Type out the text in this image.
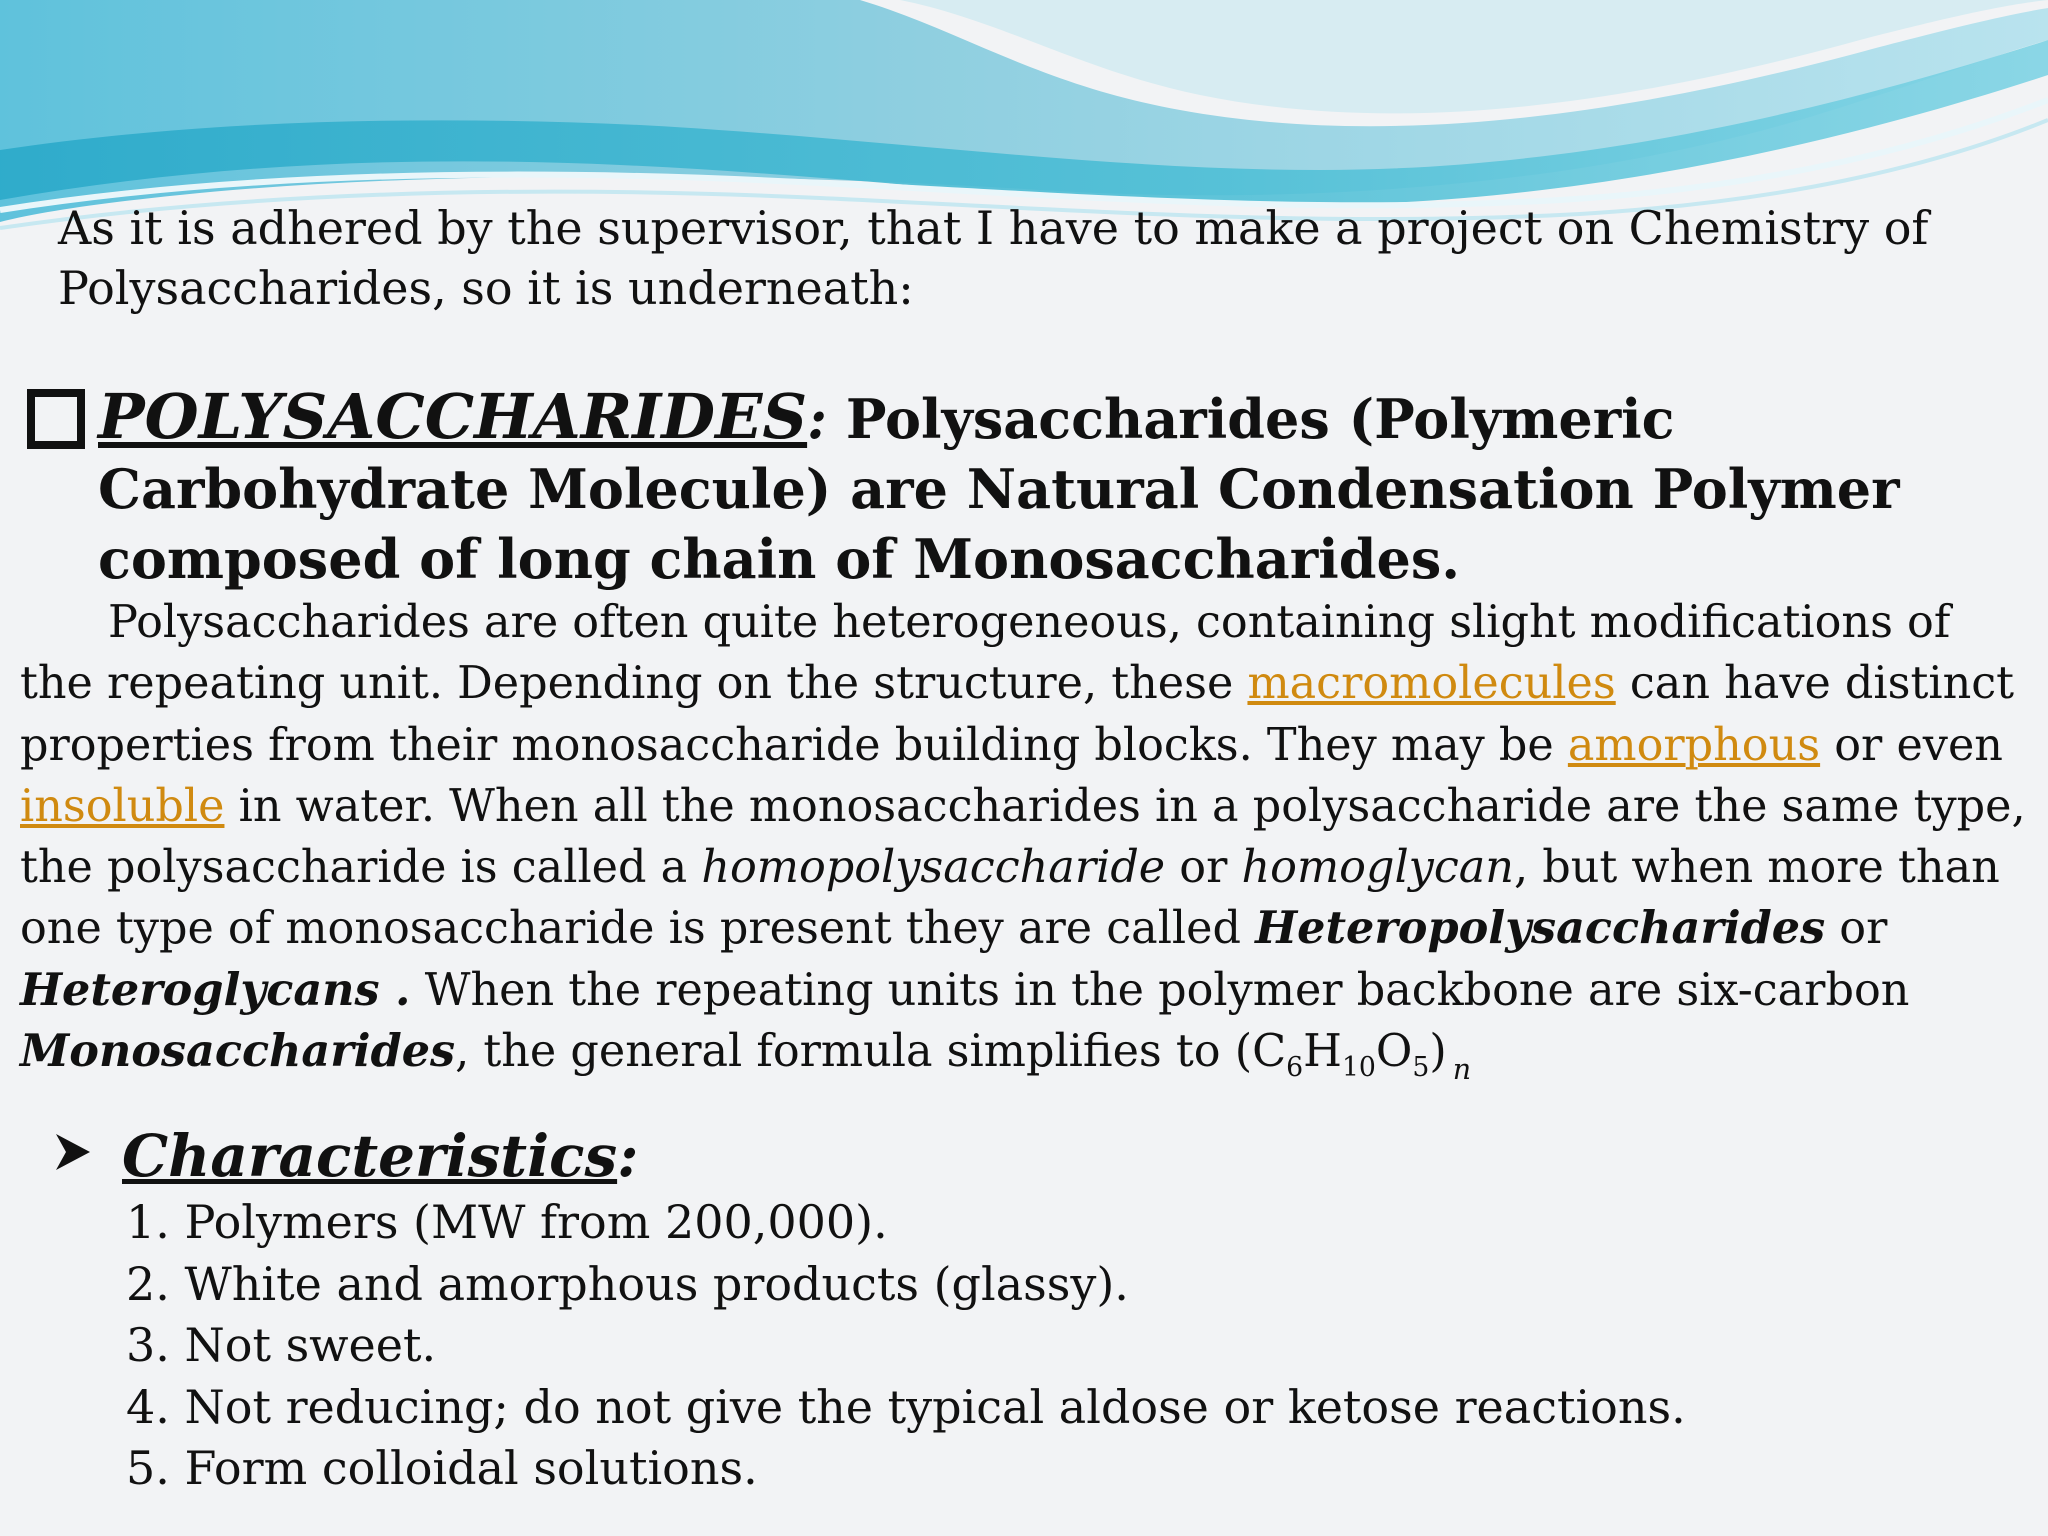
As it is adhered by the supervisor, that I have to make a project on Chemistry of Polysaccharides, so it is underneath:

POLYSACCHARIDES: Polysaccharides (Polymeric Carbohydrate Molecule) are Natural Condensation Polymer composed of long chain of Monosaccharides.

Polysaccharides are often quite heterogeneous, containing slight modifications of the repeating unit. Depending on the structure, these macromolecules can have distinct properties from their monosaccharide building blocks. They may be amorphous or even insoluble in water. When all the monosaccharides in a polysaccharide are the same type, the polysaccharide is called a homopolysaccharide or homoglycan, but when more than one type of monosaccharide is present they are called Heteropolysaccharides or Heteroglycans . When the repeating units in the polymer backbone are six-carbon Monosaccharides, the general formula simplifies to $(C_6H_{10}O_5)$ $_n$

Characteristics:

1. Polymers (MW from 200,000).
2. White and amorphous products (glassy).
3. Not sweet.
4. Not reducing; do not give the typical aldose or ketose reactions.
5. Form colloidal solutions.
